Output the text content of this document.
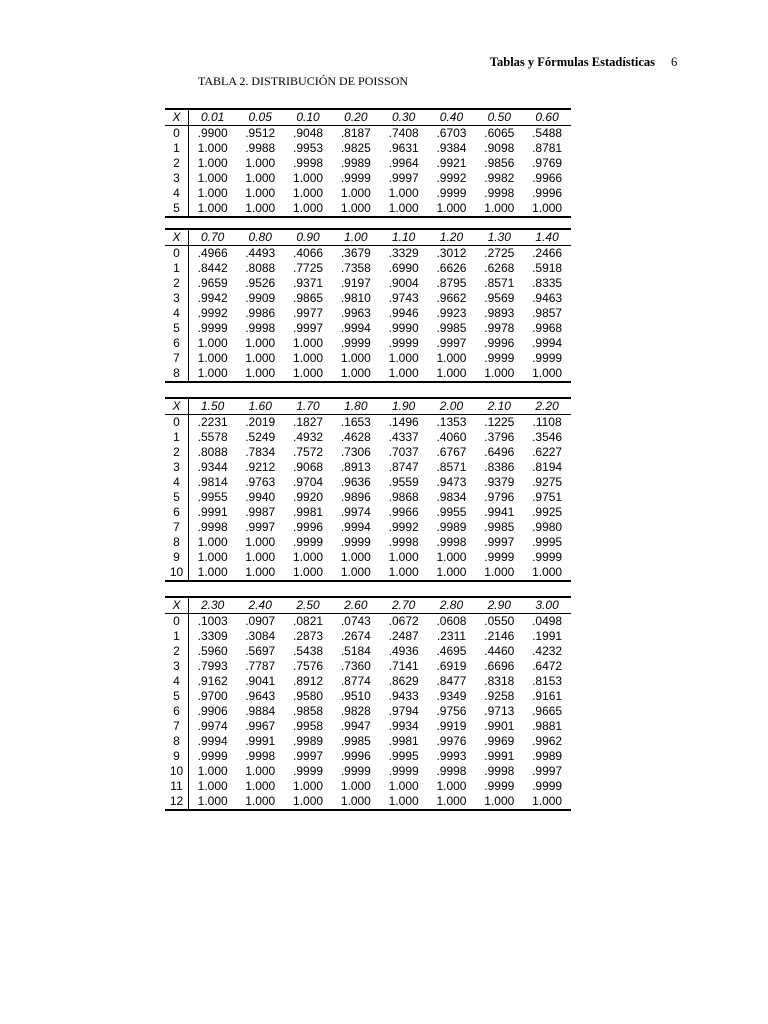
Tablas y Fórmulas Estadísticas 6
TABLA 2. DISTRIBUCIÓN DE POISSON
X	0.01	0.05	0.10	0.20	0.30	0.40	0.50	0.60
0	.9900	.9512	.9048	.8187	.7408	.6703	.6065	.5488
1	1.000	.9988	.9953	.9825	.9631	.9384	.9098	.8781
2	1.000	1.000	.9998	.9989	.9964	.9921	.9856	.9769
3	1.000	1.000	1.000	.9999	.9997	.9992	.9982	.9966
4	1.000	1.000	1.000	1.000	1.000	.9999	.9998	.9996
5	1.000	1.000	1.000	1.000	1.000	1.000	1.000	1.000
X	0.70	0.80	0.90	1.00	1.10	1.20	1.30	1.40
0	.4966	.4493	.4066	.3679	.3329	.3012	.2725	.2466
1	.8442	.8088	.7725	.7358	.6990	.6626	.6268	.5918
2	.9659	.9526	.9371	.9197	.9004	.8795	.8571	.8335
3	.9942	.9909	.9865	.9810	.9743	.9662	.9569	.9463
4	.9992	.9986	.9977	.9963	.9946	.9923	.9893	.9857
5	.9999	.9998	.9997	.9994	.9990	.9985	.9978	.9968
6	1.000	1.000	1.000	.9999	.9999	.9997	.9996	.9994
7	1.000	1.000	1.000	1.000	1.000	1.000	.9999	.9999
8	1.000	1.000	1.000	1.000	1.000	1.000	1.000	1.000
X	1.50	1.60	1.70	1.80	1.90	2.00	2.10	2.20
0	.2231	.2019	.1827	.1653	.1496	.1353	.1225	.1108
1	.5578	.5249	.4932	.4628	.4337	.4060	.3796	.3546
2	.8088	.7834	.7572	.7306	.7037	.6767	.6496	.6227
3	.9344	.9212	.9068	.8913	.8747	.8571	.8386	.8194
4	.9814	.9763	.9704	.9636	.9559	.9473	.9379	.9275
5	.9955	.9940	.9920	.9896	.9868	.9834	.9796	.9751
6	.9991	.9987	.9981	.9974	.9966	.9955	.9941	.9925
7	.9998	.9997	.9996	.9994	.9992	.9989	.9985	.9980
8	1.000	1.000	.9999	.9999	.9998	.9998	.9997	.9995
9	1.000	1.000	1.000	1.000	1.000	1.000	.9999	.9999
10	1.000	1.000	1.000	1.000	1.000	1.000	1.000	1.000
X	2.30	2.40	2.50	2.60	2.70	2.80	2.90	3.00
0	.1003	.0907	.0821	.0743	.0672	.0608	.0550	.0498
1	.3309	.3084	.2873	.2674	.2487	.2311	.2146	.1991
2	.5960	.5697	.5438	.5184	.4936	.4695	.4460	.4232
3	.7993	.7787	.7576	.7360	.7141	.6919	.6696	.6472
4	.9162	.9041	.8912	.8774	.8629	.8477	.8318	.8153
5	.9700	.9643	.9580	.9510	.9433	.9349	.9258	.9161
6	.9906	.9884	.9858	.9828	.9794	.9756	.9713	.9665
7	.9974	.9967	.9958	.9947	.9934	.9919	.9901	.9881
8	.9994	.9991	.9989	.9985	.9981	.9976	.9969	.9962
9	.9999	.9998	.9997	.9996	.9995	.9993	.9991	.9989
10	1.000	1.000	.9999	.9999	.9999	.9998	.9998	.9997
11	1.000	1.000	1.000	1.000	1.000	1.000	.9999	.9999
12	1.000	1.000	1.000	1.000	1.000	1.000	1.000	1.000
